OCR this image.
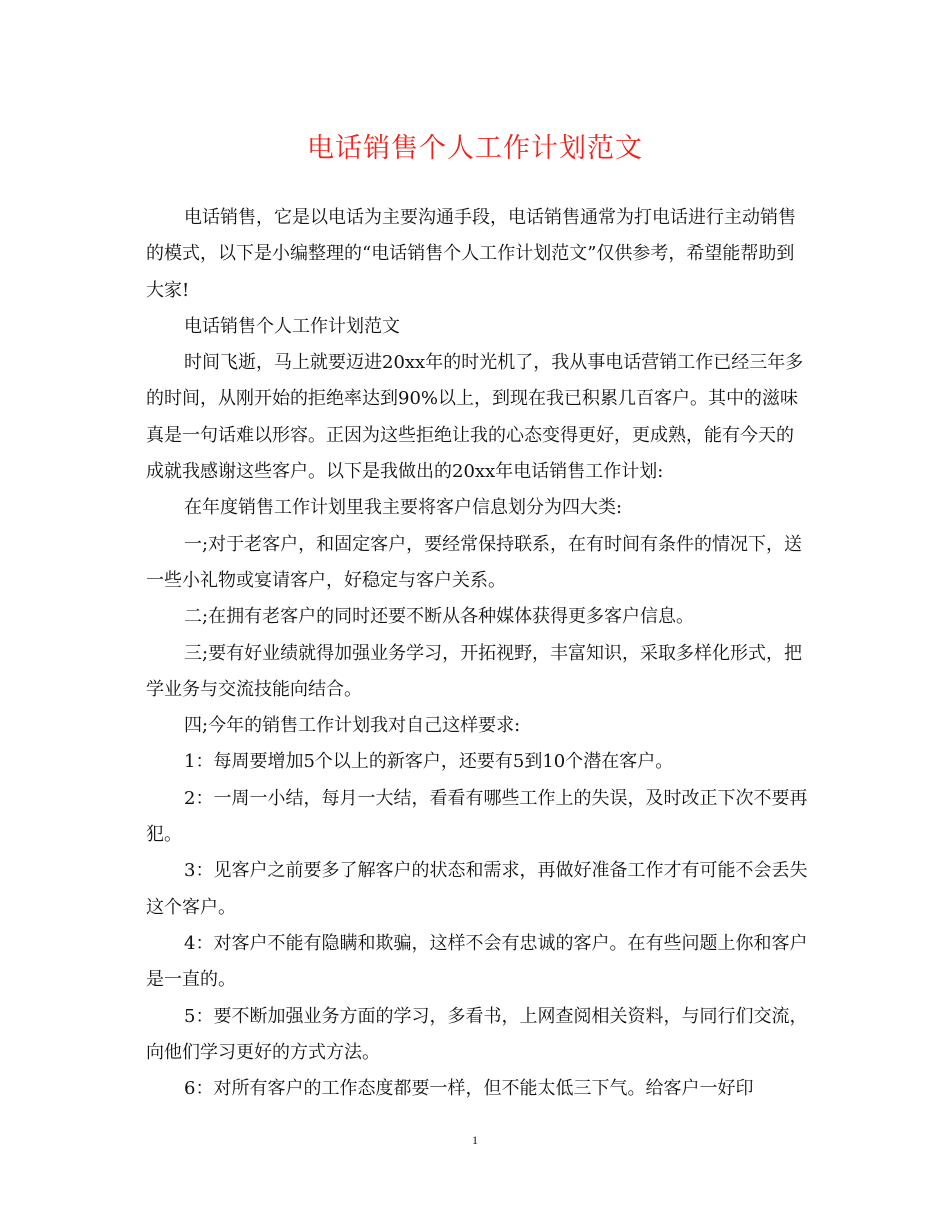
电话销售个人工作计划范文

电话销售，它是以电话为主要沟通手段，电话销售通常为打电话进行主动销售的模式，以下是小编整理的“电话销售个人工作计划范文”仅供参考，希望能帮助到大家!

电话销售个人工作计划范文

时间飞逝，马上就要迈进20xx年的时光机了，我从事电话营销工作已经三年多的时间，从刚开始的拒绝率达到90%以上，到现在我已积累几百客户。其中的滋味真是一句话难以形容。正因为这些拒绝让我的心态变得更好，更成熟，能有今天的成就我感谢这些客户。以下是我做出的20xx年电话销售工作计划:

在年度销售工作计划里我主要将客户信息划分为四大类:

一;对于老客户，和固定客户，要经常保持联系，在有时间有条件的情况下，送一些小礼物或宴请客户，好稳定与客户关系。

二;在拥有老客户的同时还要不断从各种媒体获得更多客户信息。

三;要有好业绩就得加强业务学习，开拓视野，丰富知识，采取多样化形式，把学业务与交流技能向结合。

四;今年的销售工作计划我对自己这样要求:

1：每周要增加5个以上的新客户，还要有5到10个潜在客户。

2：一周一小结，每月一大结，看看有哪些工作上的失误，及时改正下次不要再犯。

3：见客户之前要多了解客户的状态和需求，再做好准备工作才有可能不会丢失这个客户。

4：对客户不能有隐瞒和欺骗，这样不会有忠诚的客户。在有些问题上你和客户是一直的。

5：要不断加强业务方面的学习，多看书，上网查阅相关资料，与同行们交流，向他们学习更好的方式方法。

6：对所有客户的工作态度都要一样，但不能太低三下气。给客户一好印

1
